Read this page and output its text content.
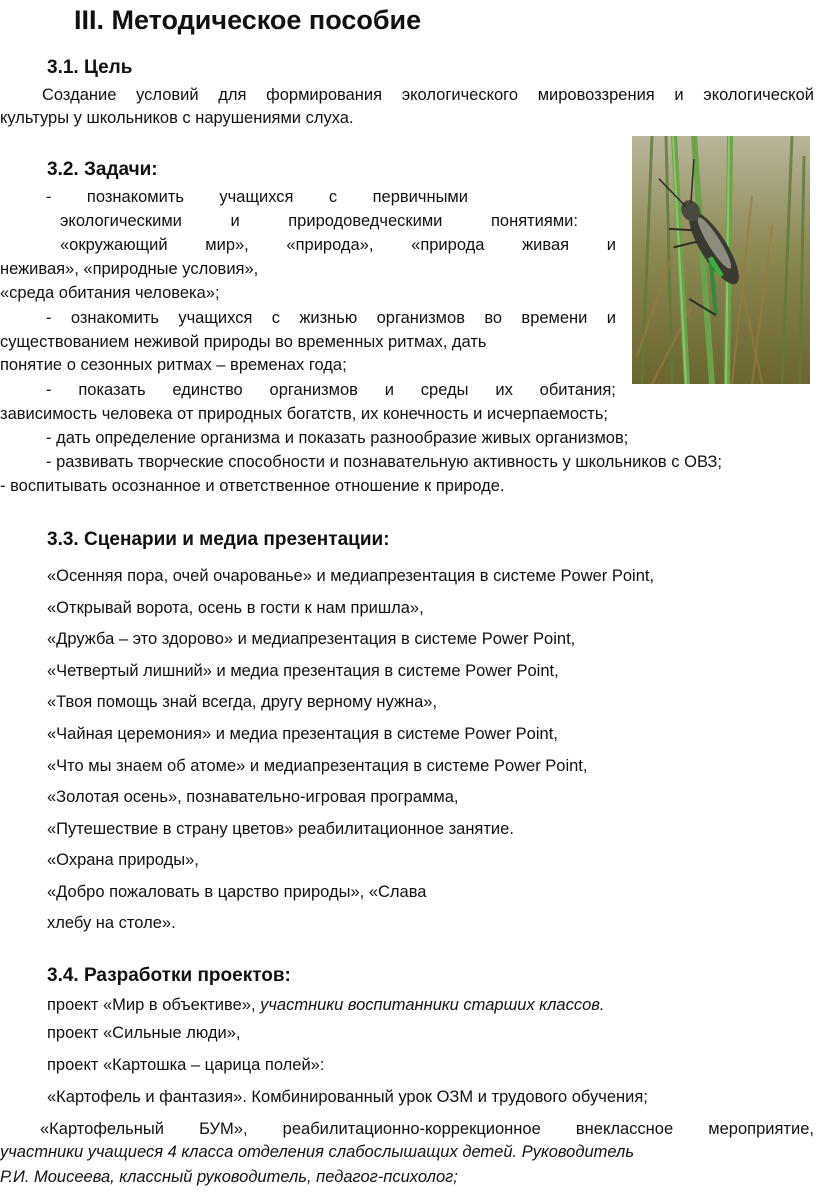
III. Методическое пособие
3.1. Цель
Создание условий для формирования экологического мировоззрения и экологической
культуры у школьников с нарушениями слуха.
3.2. Задачи:
- познакомить учащихся с первичными
экологическими	и	природоведческими	понятиями:
«окружающий мир», «природа», «природа живая и
неживая», «природные условия»,
«среда обитания человека»;
- ознакомить учащихся с жизнью организмов во времени и
существованием неживой природы во временных ритмах, дать
понятие о сезонных ритмах – временах года;
- показать единство организмов и среды их обитания;
зависимость человека от природных богатств, их конечность и исчерпаемость;
- дать определение организма и показать разнообразие живых организмов;
- развивать творческие способности и познавательную активность у школьников с ОВЗ;
- воспитывать осознанное и ответственное отношение к природе.
3.3. Сценарии и медиа презентации:
«Осенняя пора, очей очарованье» и медиапрезентация в системе Power Point,
«Открывай ворота, осень в гости к нам пришла»,
«Дружба – это здорово» и медиапрезентация в системе Power Point,
«Четвертый лишний» и медиа презентация в системе Power Point,
«Твоя помощь знай всегда, другу верному нужна»,
«Чайная церемония» и медиа презентация в системе Power Point,
«Что мы знаем об атоме» и медиапрезентация в системе Power Point,
«Золотая осень», познавательно-игровая программа,
«Путешествие в страну цветов» реабилитационное занятие.
«Охрана природы»,
«Добро пожаловать в царство природы», «Слава
хлебу на столе».
3.4. Разработки проектов:
проект «Мир в объективе», участники воспитанники старших классов.
проект «Сильные люди»,
проект «Картошка – царица полей»:
«Картофель и фантазия». Комбинированный урок ОЗМ и трудового обучения;
«Картофельный БУМ», реабилитационно-коррекционное внеклассное мероприятие,
участники учащиеся 4 класса отделения слабослышащих детей. Руководитель
Р.И. Моисеева, классный руководитель, педагог-психолог;
